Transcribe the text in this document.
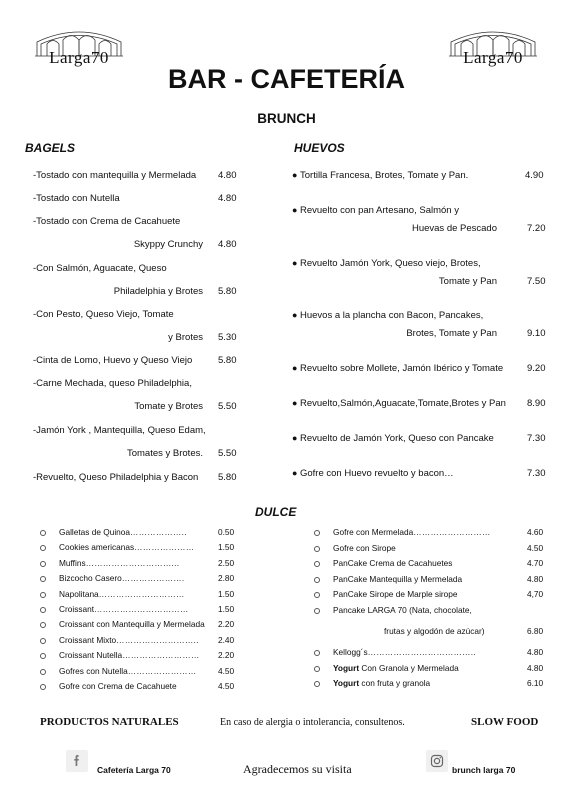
Larga70	Larga70
BAR - CAFETERÍA
BRUNCH
BAGELS
-Tostado con mantequilla y Mermelada 4.80
-Tostado con Nutella	4.80
-Tostado con Crema de Cacahuete
Skyppy Crunchy 4.80
-Con Salmón, Aguacate, Queso
Philadelphia y Brotes 5.80
-Con Pesto, Queso Viejo, Tomate
y Brotes 5.30
-Cinta de Lomo, Huevo y Queso Viejo	5.80
-Carne Mechada, queso Philadelphia,
Tomate y Brotes 5.50
-Jamón York , Mantequilla, Queso Edam,
Tomates y Brotes. 5.50
-Revuelto, Queso Philadelphia y Bacon 5.80
HUEVOS
● Tortilla Francesa, Brotes, Tomate y Pan.	4.90
● Revuelto con pan Artesano, Salmón y
Huevas de Pescado	7.20
● Revuelto Jamón York, Queso viejo, Brotes,
Tomate y Pan	7.50
● Huevos a la plancha con Bacon, Pancakes,
Brotes, Tomate y Pan	9.10
● Revuelto sobre Mollete, Jamón Ibérico y Tomate	9.20
● Revuelto,Salmón,Aguacate,Tomate,Brotes y Pan 8.90
● Revuelto de Jamón York, Queso con Pancake	7.30
● Gofre con Huevo revuelto y bacon…	7.30
DULCE
Galletas de Quinoa………………..	0.50
Cookies americanas…………………	1.50
Muffins…………………………...	2.50
Bizcocho Casero………………….	2.80
Napolitana…………………………	1.50
Croissant……………………………	1.50
Croissant con Mantequilla y Mermelada 2.20
Croissant Mixto……………………….. 2.40
Croissant Nutella……………………… 2.20
Gofres con Nutella……………………	4.50
Gofre con Crema de Cacahuete	4.50
Gofre con Mermelada………………………	4.60
Gofre con Sirope	4.50
PanCake Crema de Cacahuetes	4.70
PanCake Mantequilla y Mermelada	4.80
PanCake Sirope de Marple sirope	4,70
Pancake LARGA 70 (Nata, chocolate,
frutas y algodón de azúcar)	6.80
Kellogg´s………………………………..	4.80
Yogurt Con Granola y Mermelada	4.80
Yogurt con fruta y granola	6.10
PRODUCTOS NATURALES	En caso de alergia o intolerancia, consultenos.	SLOW FOOD
Cafetería Larga 70	Agradecemos su visita	brunch larga 70
